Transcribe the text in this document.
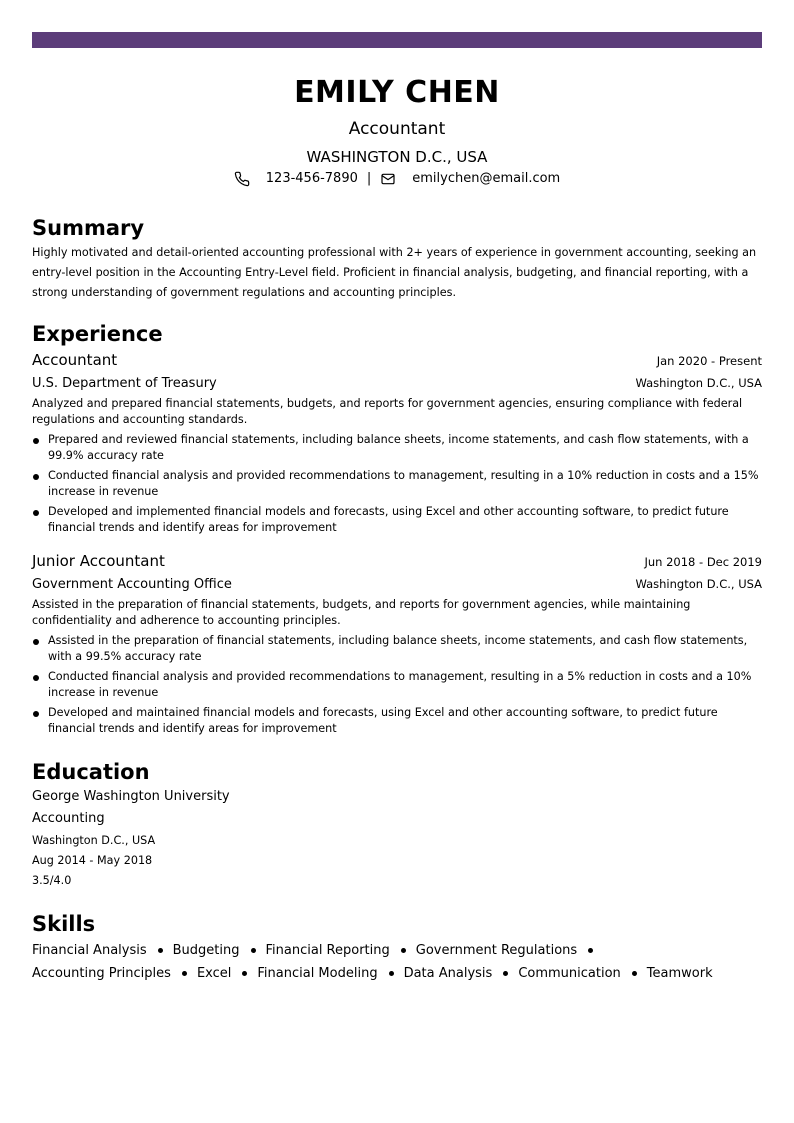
EMILY CHEN
Accountant
WASHINGTON D.C., USA
123-456-7890 |	emilychen@email.com
Summary
Highly motivated and detail-oriented accounting professional with 2+ years of experience in government accounting, seeking an entry-level position in the Accounting Entry-Level field. Proficient in financial analysis, budgeting, and financial reporting, with a strong understanding of government regulations and accounting principles.
Experience
Accountant	Jan 2020 - Present
U.S. Department of Treasury	Washington D.C., USA
Analyzed and prepared financial statements, budgets, and reports for government agencies, ensuring compliance with federal regulations and accounting standards.
Prepared and reviewed financial statements, including balance sheets, income statements, and cash flow statements, with a 99.9% accuracy rate
Conducted financial analysis and provided recommendations to management, resulting in a 10% reduction in costs and a 15% increase in revenue
Developed and implemented financial models and forecasts, using Excel and other accounting software, to predict future financial trends and identify areas for improvement
Junior Accountant	Jun 2018 - Dec 2019
Government Accounting Office	Washington D.C., USA
Assisted in the preparation of financial statements, budgets, and reports for government agencies, while maintaining confidentiality and adherence to accounting principles.
Assisted in the preparation of financial statements, including balance sheets, income statements, and cash flow statements, with a 99.5% accuracy rate
Conducted financial analysis and provided recommendations to management, resulting in a 5% reduction in costs and a 10% increase in revenue
Developed and maintained financial models and forecasts, using Excel and other accounting software, to predict future financial trends and identify areas for improvement
Education
George Washington University
Accounting
Washington D.C., USA
Aug 2014 - May 2018
3.5/4.0
Skills
Financial Analysis	Budgeting	Financial Reporting	Government Regulations
Accounting Principles	Excel	Financial Modeling	Data Analysis	Communication	Teamwork
